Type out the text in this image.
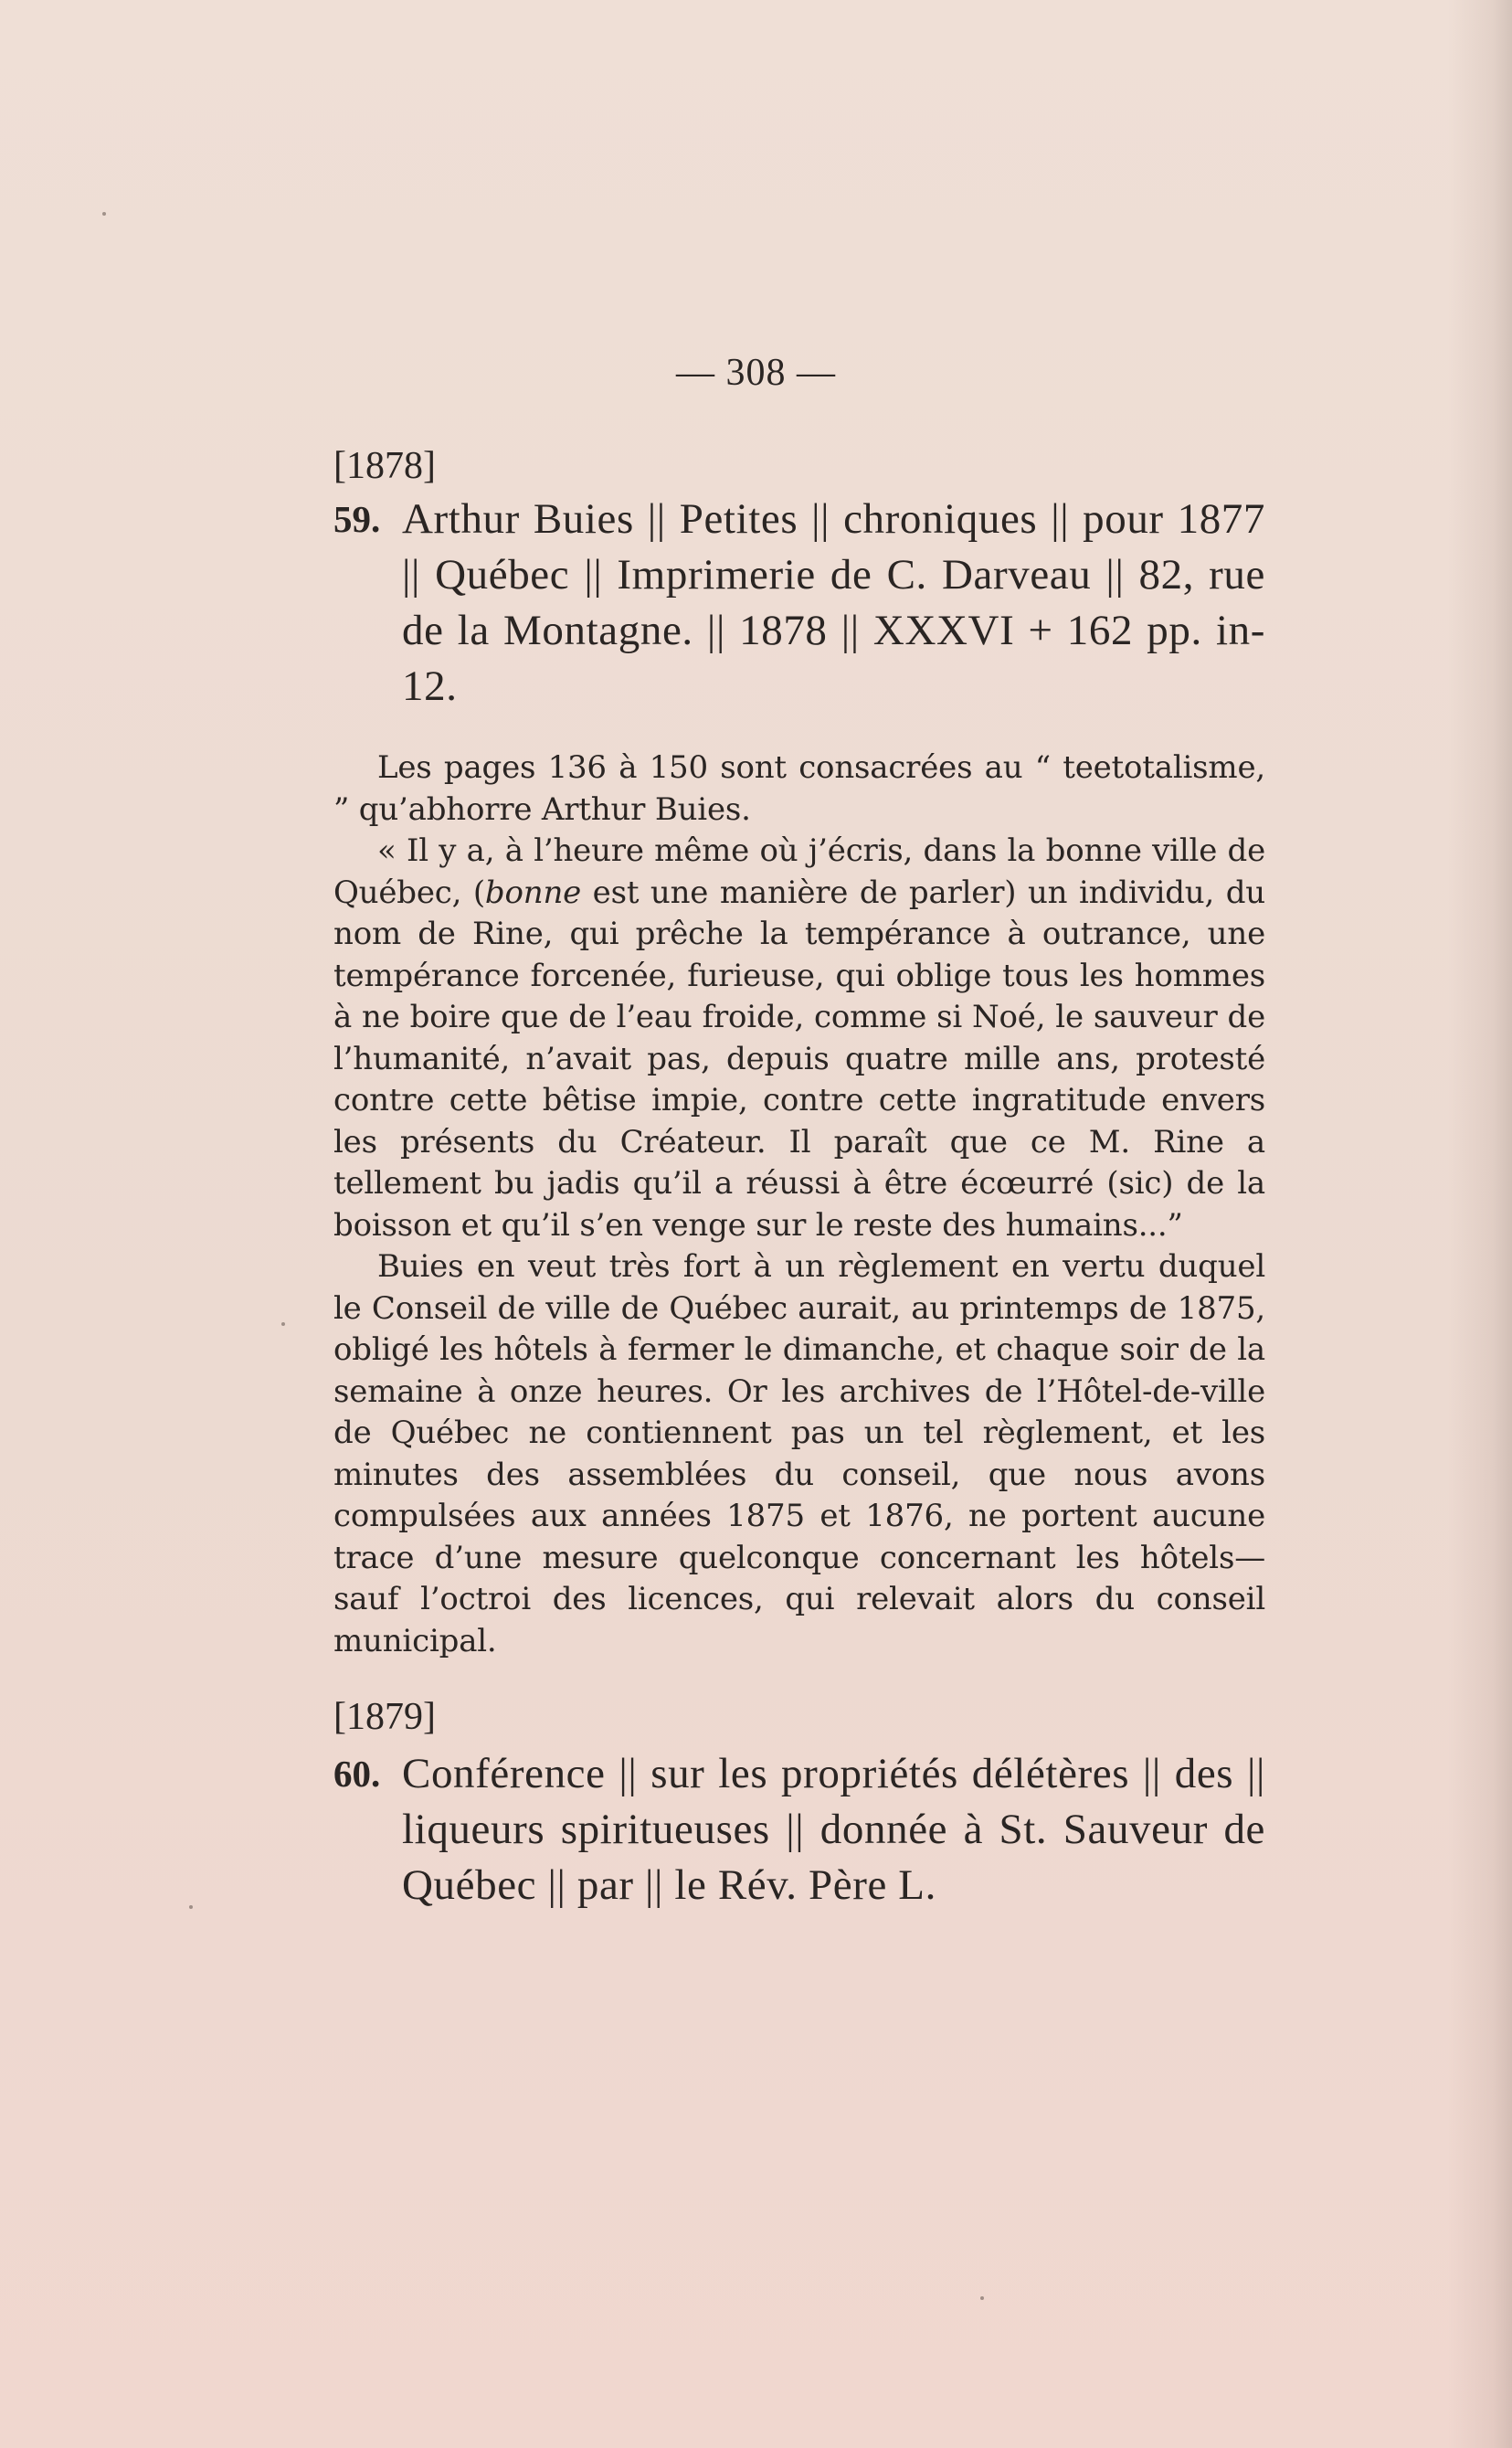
— 308 —

[1878]

59. Arthur Buies || Petites || chroniques || pour 1877 || Québec || Imprimerie de C. Darveau || 82, rue de la Montagne. || 1878 || XXXVI + 162 pp. in-12.

Les pages 136 à 150 sont consacrées au “ teetotalisme, ” qu’abhorre Arthur Buies.

« Il y a, à l’heure même où j’écris, dans la bonne ville de Québec, (bonne est une manière de parler) un individu, du nom de Rine, qui prêche la tempérance à outrance, une tempérance forcenée, furieuse, qui oblige tous les hommes à ne boire que de l’eau froide, comme si Noé, le sauveur de l’humanité, n’avait pas, depuis quatre mille ans, protesté contre cette bêtise impie, contre cette ingratitude envers les présents du Créateur. Il paraît que ce M. Rine a tellement bu jadis qu’il a réussi à être écœurré (sic) de la boisson et qu’il s’en venge sur le reste des humains...”

Buies en veut très fort à un règlement en vertu duquel le Conseil de ville de Québec aurait, au printemps de 1875, obligé les hôtels à fermer le dimanche, et chaque soir de la semaine à onze heures. Or les archives de l’Hôtel-de-ville de Québec ne contiennent pas un tel règlement, et les minutes des assemblées du conseil, que nous avons compulsées aux années 1875 et 1876, ne portent aucune trace d’une mesure quelconque concernant les hôtels—sauf l’octroi des licences, qui relevait alors du conseil municipal.

[1879]

60. Conférence || sur les propriétés délétères || des || liqueurs spiritueuses || donnée à St. Sauveur de Québec || par || le Rév. Père L.
